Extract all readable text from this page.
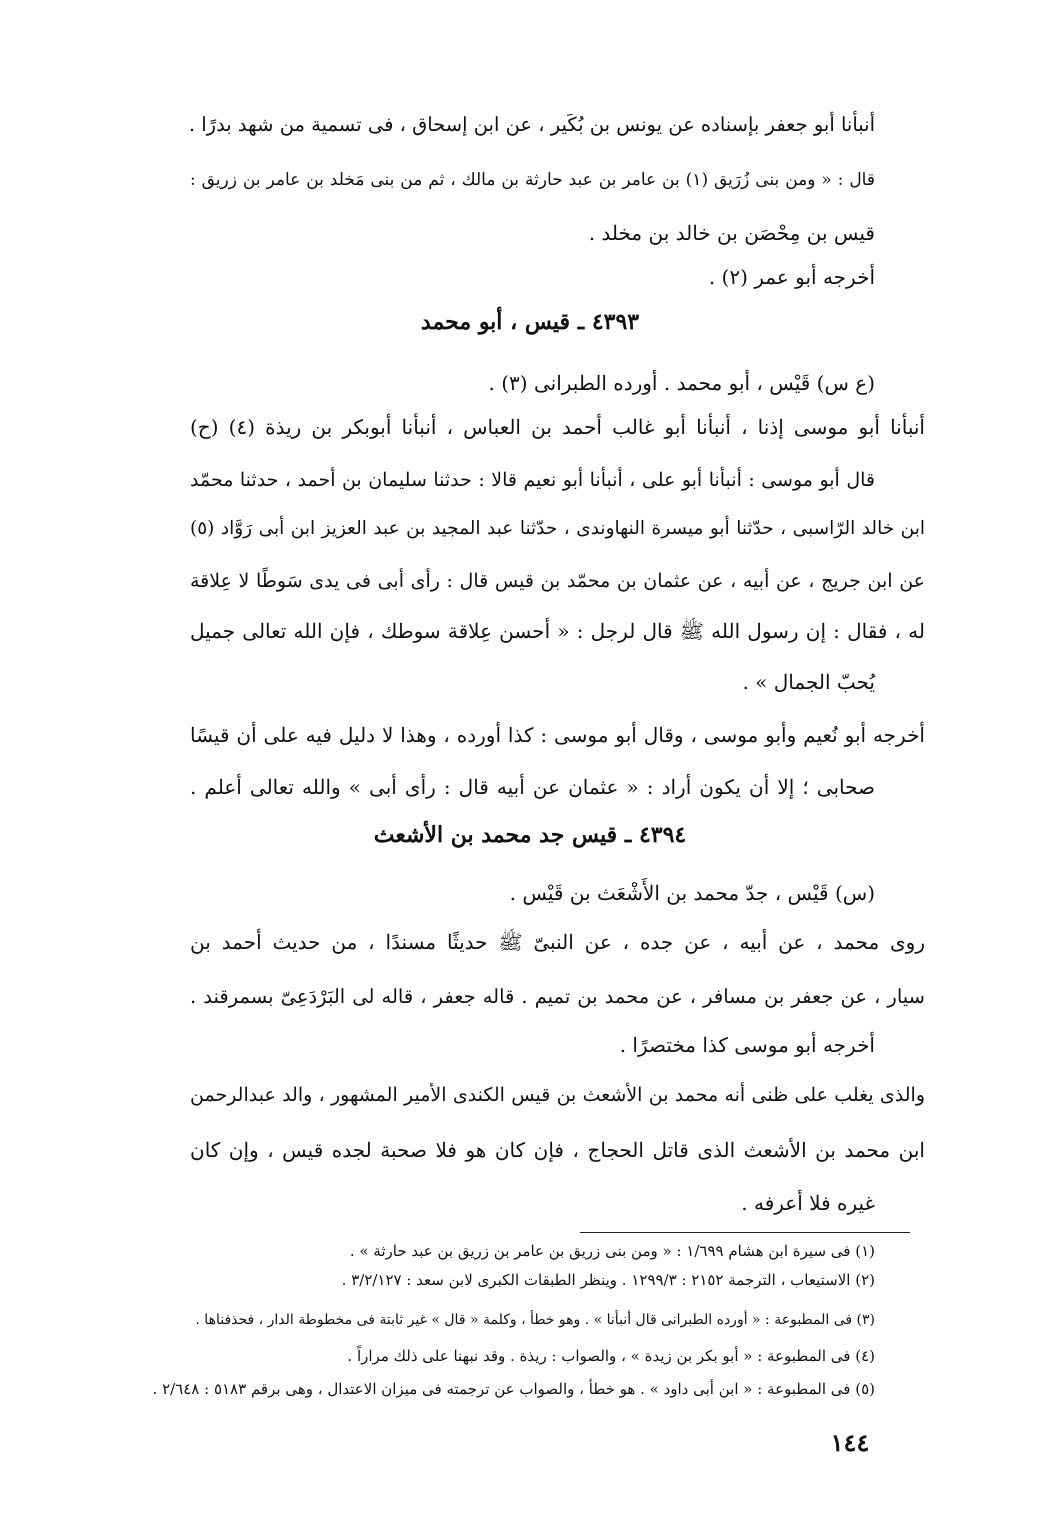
أنبأنا أبو جعفر بإسناده عن يونس بن بُكَير ، عن ابن إسحاق ، فى تسمية من شهد بدرًا .
قال : « ومن بنى زُرَيق (١) بن عامر بن عبد حارثة بن مالك ، ثم من بنى مَخلد بن عامر بن زريق :
قيس بن مِحْصَن بن خالد بن مخلد .
أخرجه أبو عمر (٢) .
٤٣٩٣ ـ قيس ، أبو محمد
(ع س) قَيْس ، أبو محمد . أورده الطبرانى (٣) .
أنبأنا أبو موسى إذنا ، أنبأنا أبو غالب أحمد بن العباس ، أنبأنا أبوبكر بن ريذة (٤) (ح)
قال أبو موسى : أنبأنا أبو على ، أنبأنا أبو نعيم قالا : حدثنا سليمان بن أحمد ، حدثنا محمّد
ابن خالد الرّاسبى ، حدّثنا أبو ميسرة النهاوندى ، حدّثنا عبد المجيد بن عبد العزيز ابن أبى رَوَّاد (٥)
عن ابن جريج ، عن أبيه ، عن عثمان بن محمّد بن قيس قال : رأى أبى فى يدى سَوطًا لا عِلاقة
له ، فقال : إن رسول الله ﷺ قال لرجل : « أحسن عِلاقة سوطك ، فإن الله تعالى جميل
يُحبّ الجمال » .
أخرجه أبو نُعيم وأبو موسى ، وقال أبو موسى : كذا أورده ، وهذا لا دليل فيه على أن قيسًا
صحابى ؛ إلا أن يكون أراد : « عثمان عن أبيه قال : رأى أبى » والله تعالى أعلم .
٤٣٩٤ ـ قيس جد محمد بن الأشعث
(س) قَيْس ، جدّ محمد بن الأَشْعَث بن قَيْس .
روى محمد ، عن أبيه ، عن جده ، عن النبىّ ﷺ حديثًا مسندًا ، من حديث أحمد بن
سيار ، عن جعفر بن مسافر ، عن محمد بن تميم . قاله جعفر ، قاله لى البَرْدَعِىّ بسمرقند .
أخرجه أبو موسى كذا مختصرًا .
والذى يغلب على ظنى أنه محمد بن الأشعث بن قيس الكندى الأمير المشهور ، والد عبدالرحمن
ابن محمد بن الأشعث الذى قاتل الحجاج ، فإن كان هو فلا صحبة لجده قيس ، وإن كان
غيره فلا أعرفه .
(١) فى سيرة ابن هشام ١/٦٩٩ : « ومن بنى زريق بن عامر بن زريق بن عبد حارثة » .
(٢) الاستيعاب ، الترجمة ٢١٥٢ : ١٢٩٩/٣ . وينظر الطبقات الكبرى لابن سعد : ٣/٢/١٢٧ .
(٣) فى المطبوعة : « أورده الطبرانى قال أنبأنا » . وهو خطأ ، وكلمة « قال » غير ثابتة فى مخطوطة الدار ، فحذفناها .
(٤) فى المطبوعة : « أبو بكر بن زيدة » ، والصواب : ريذة . وقد نبهنا على ذلك مراراً .
(٥) فى المطبوعة : « ابن أبى داود » . هو خطأ ، والصواب عن ترجمته فى ميزان الاعتدال ، وهى برقم ٥١٨٣ : ٢/٦٤٨ .
١٤٤
